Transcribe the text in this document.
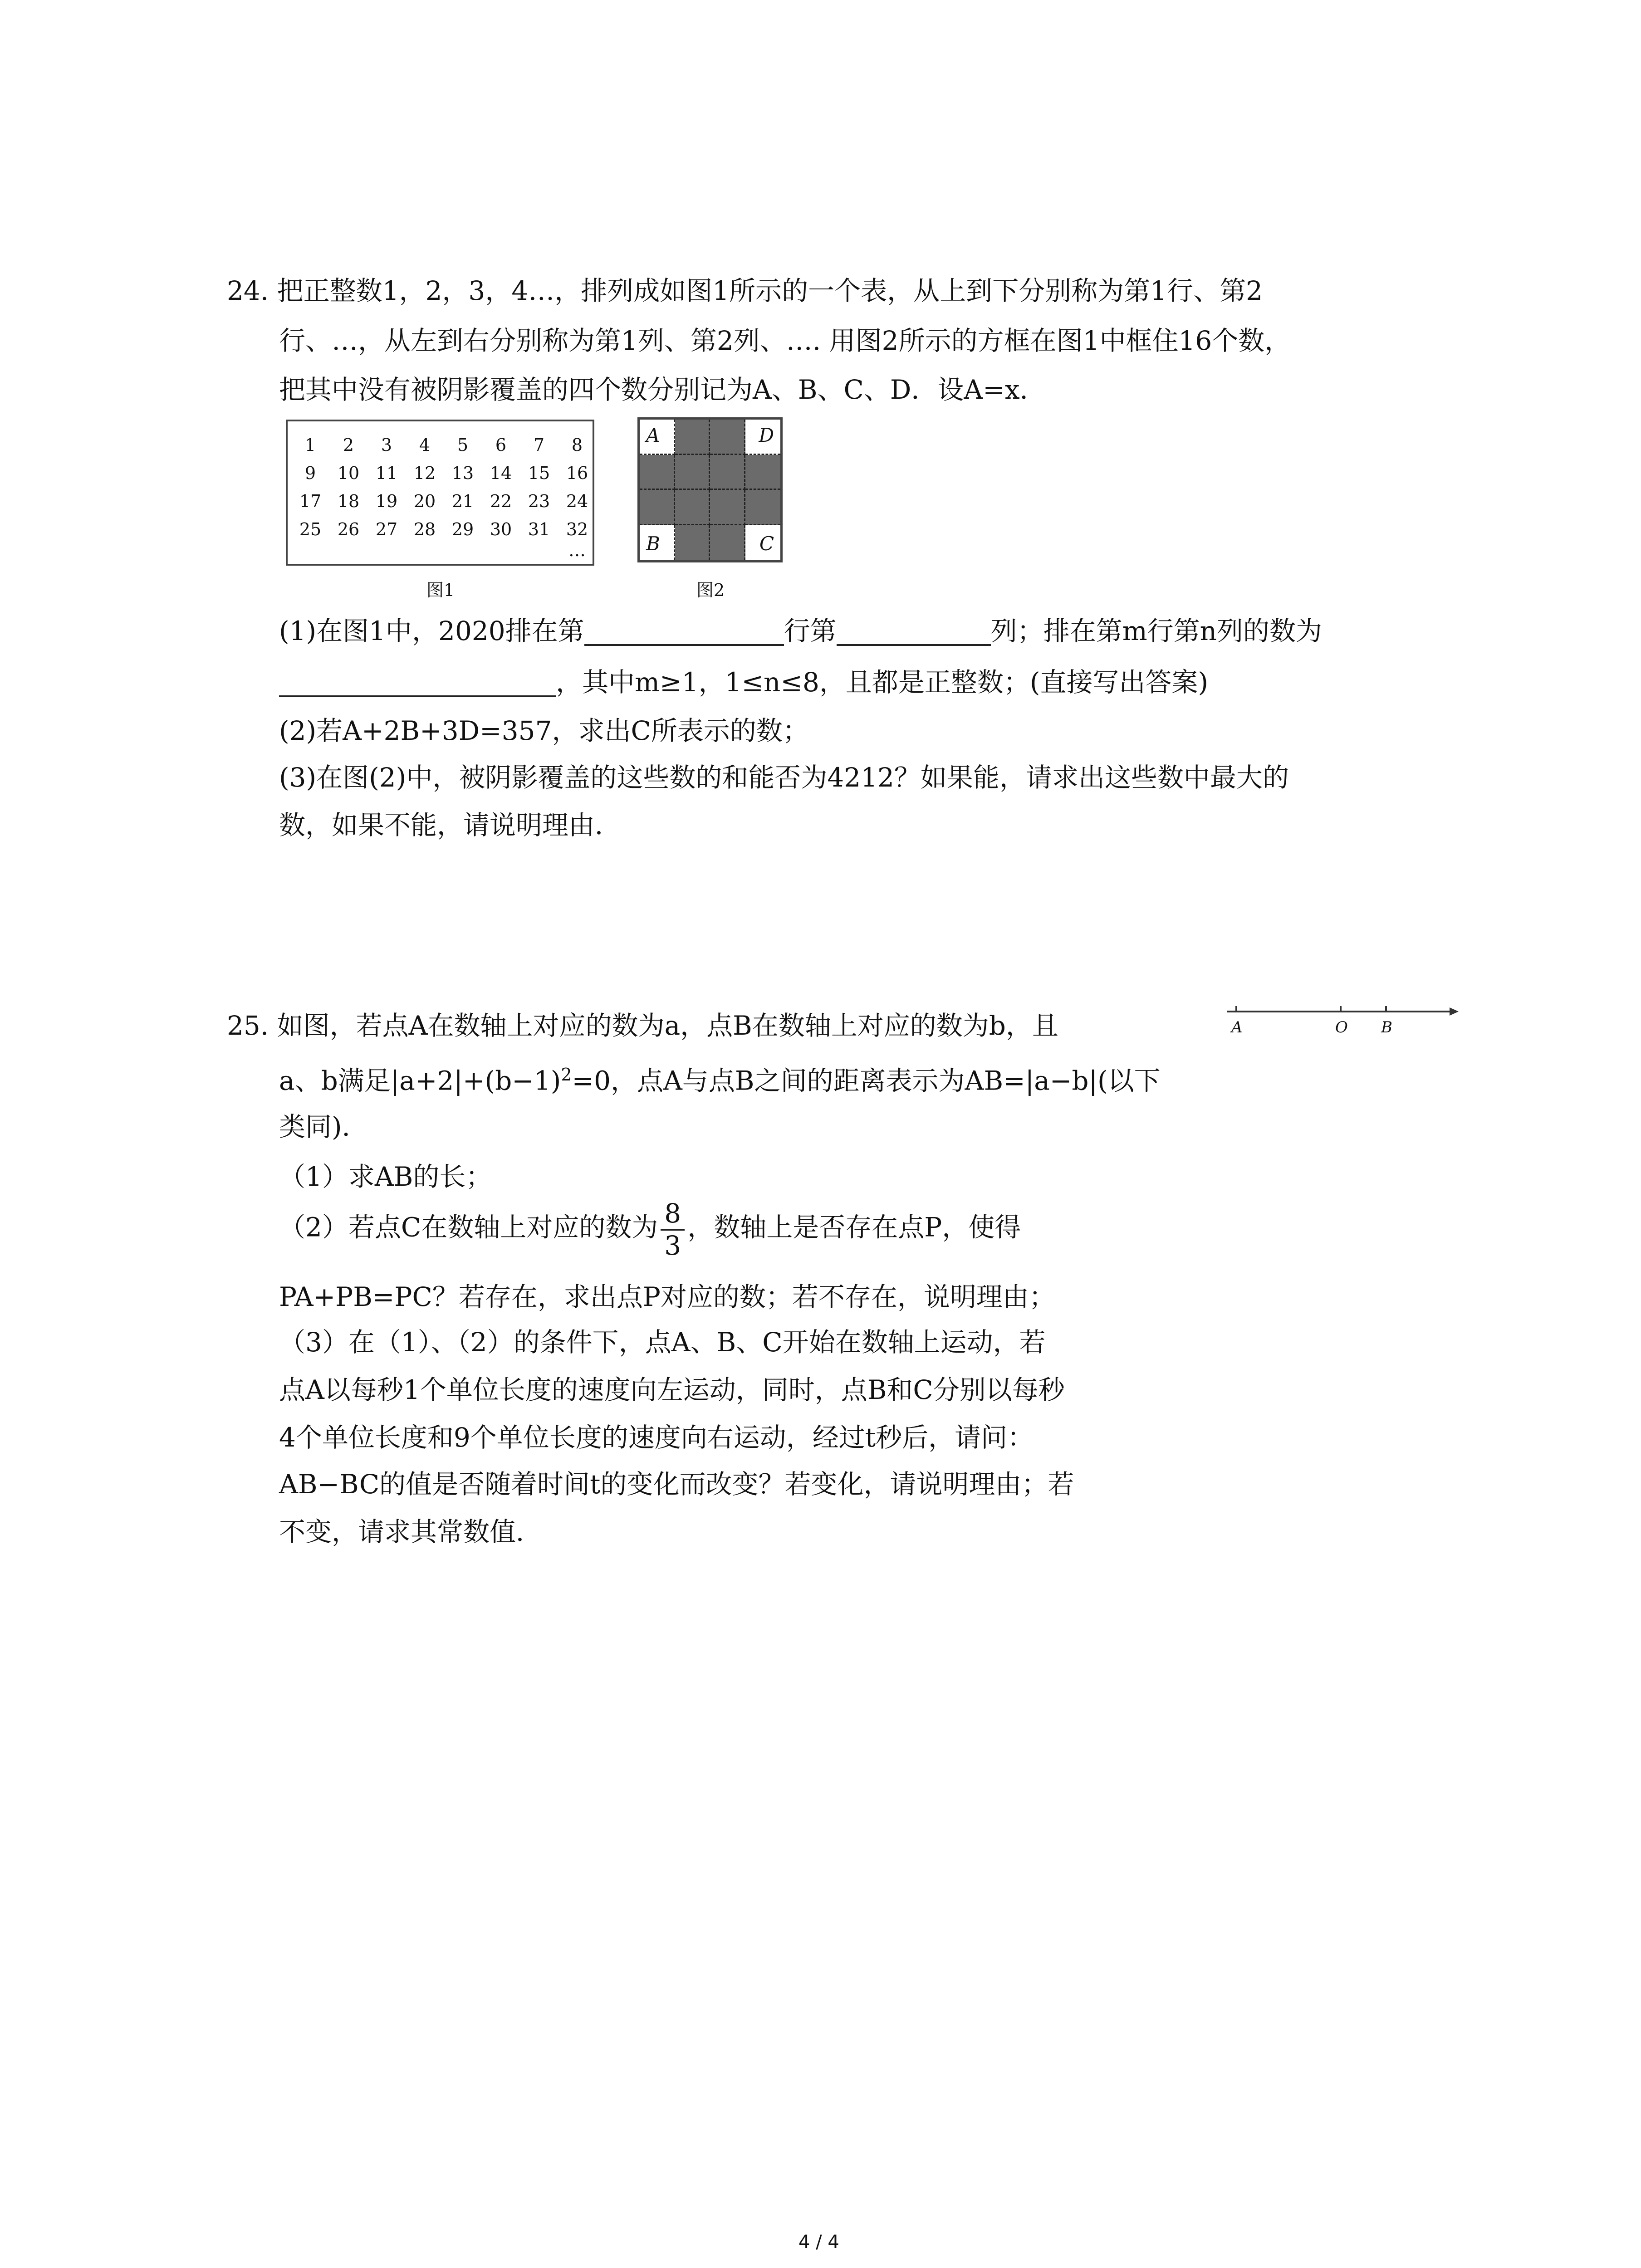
24. 把正整数1，2，3，4…，排列成如图1所示的一个表，从上到下分别称为第1行、第2
行、…，从左到右分别称为第1列、第2列、…. 用图2所示的方框在图1中框住16个数，
把其中没有被阴影覆盖的四个数分别记为A、B、C、D．设A=x．
1	2	3	4	5	6	7	8
9	10 11 12 13 14 15 16
17 18 19 20 21 22 23 24
25 26 27 28 29 30 31 32
…
图1
A	D
B	C
图2
(1)在图1中，2020排在第	行第	列；排在第m行第n列的数为
，其中m≥1，1≤n≤8，且都是正整数；(直接写出答案)
(2)若A+2B+3D=357，求出C所表示的数；
(3)在图(2)中，被阴影覆盖的这些数的和能否为4212？如果能，请求出这些数中最大的
数，如果不能，请说明理由．
25. 如图，若点A在数轴上对应的数为a，点B在数轴上对应的数为b，且
a、b满足$|a+2|+(b-1)^2=0$，点A与点B之间的距离表示为AB=|a−b|(以下
类同)．
（1）求AB的长；
（2）若点C在数轴上对应的数为 $\frac{8}{3}$ ，数轴上是否存在点P，使得
PA+PB=PC？若存在，求出点P对应的数；若不存在，说明理由；
（3）在（1）、（2）的条件下，点A、B、C开始在数轴上运动，若
点A以每秒1个单位长度的速度向左运动，同时，点B和C分别以每秒
4个单位长度和9个单位长度的速度向右运动，经过t秒后，请问：
AB−BC的值是否随着时间t的变化而改变？若变化，请说明理由；若
不变，请求其常数值．
A	O B
4 / 4
